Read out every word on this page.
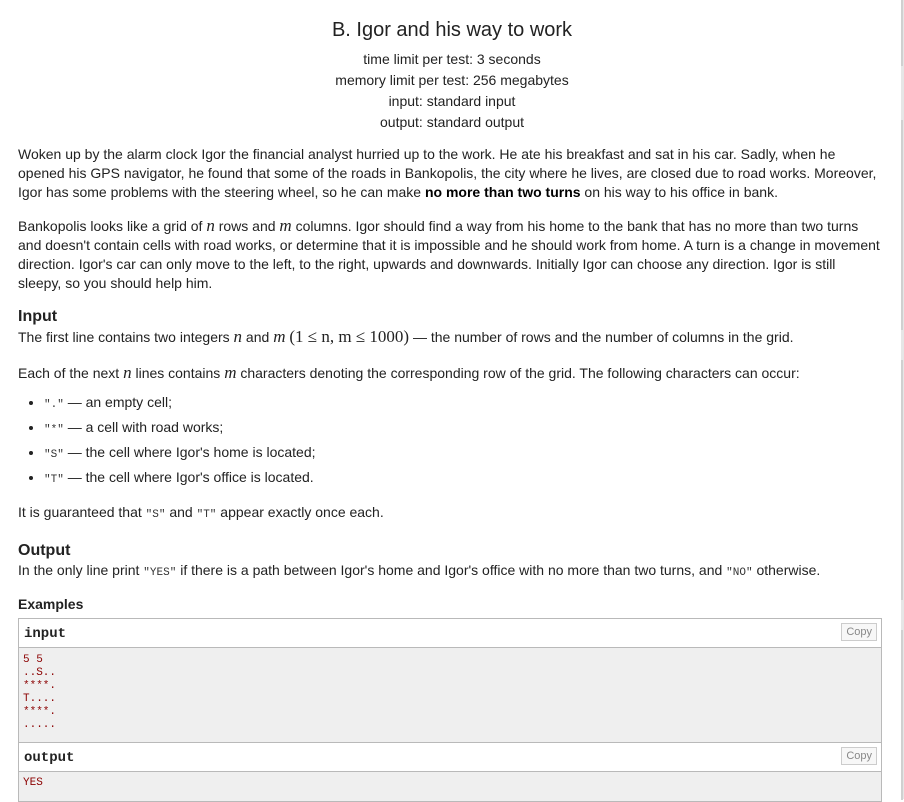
B. Igor and his way to work
time limit per test: 3 seconds
memory limit per test: 256 megabytes
input: standard input
output: standard output

Woken up by the alarm clock Igor the financial analyst hurried up to the work. He ate his breakfast and sat in his car. Sadly, when he opened his GPS navigator, he found that some of the roads in Bankopolis, the city where he lives, are closed due to road works. Moreover, Igor has some problems with the steering wheel, so he can make no more than two turns on his way to his office in bank.

Bankopolis looks like a grid of n rows and m columns. Igor should find a way from his home to the bank that has no more than two turns and doesn't contain cells with road works, or determine that it is impossible and he should work from home. A turn is a change in movement direction. Igor's car can only move to the left, to the right, upwards and downwards. Initially Igor can choose any direction. Igor is still sleepy, so you should help him.

Input

The first line contains two integers n and m (1 ≤ n, m ≤ 1000) — the number of rows and the number of columns in the grid.

Each of the next n lines contains m characters denoting the corresponding row of the grid. The following characters can occur:

• "." — an empty cell;
• "*" — a cell with road works;
• "S" — the cell where Igor's home is located;
• "T" — the cell where Igor's office is located.

It is guaranteed that "S" and "T" appear exactly once each.

Output

In the only line print "YES" if there is a path between Igor's home and Igor's office with no more than two turns, and "NO" otherwise.

Examples
input	Copy
5 5
..S..
****.
T....
****.
.....
output	Copy
YES
